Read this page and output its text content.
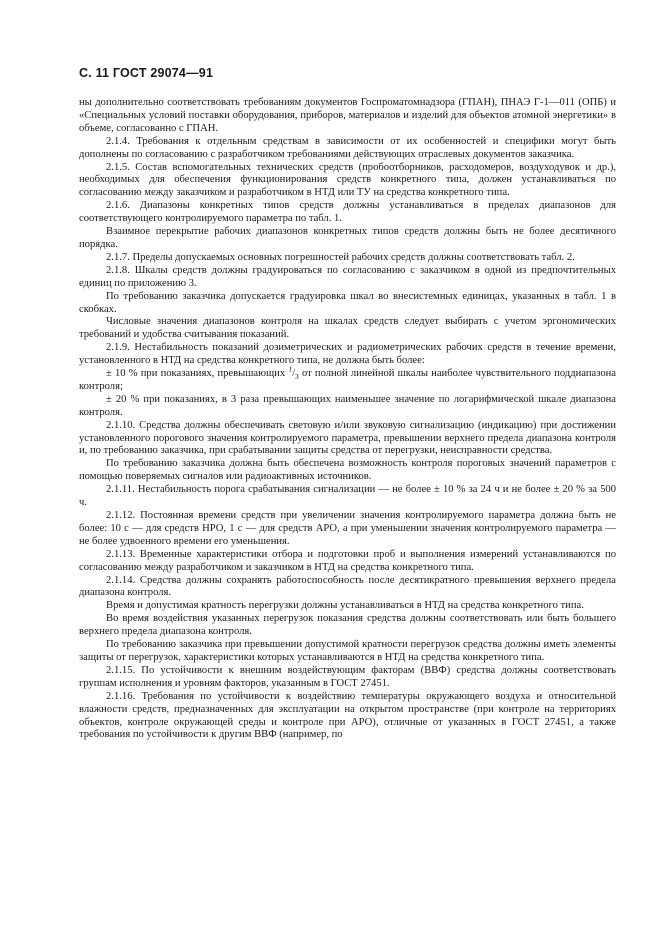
С. 11 ГОСТ 29074—91

ны дополнительно соответствовать требованиям документов Госпроматомнадзора (ГПАН), ПНАЭ Г-1—011 (ОПБ) и «Специальных условий поставки оборудования, приборов, материалов и изделий для объектов атомной энергетики» в объеме, согласованно с ГПАН.

2.1.4. Требования к отдельным средствам в зависимости от их особенностей и специфики могут быть дополнены по согласованию с разработчиком требованиями действующих отраслевых документов заказчика.

2.1.5. Состав вспомогательных технических средств (пробоотборников, расходомеров, воздуходувок и др.), необходимых для обеспечения функционирования средств конкретного типа, должен устанавливаться по согласованию между заказчиком и разработчиком в НТД или ТУ на средства конкретного типа.

2.1.6. Диапазоны конкретных типов средств должны устанавливаться в пределах диапазонов для соответствующего контролируемого параметра по табл. 1.

Взаимное перекрытие рабочих диапазонов конкретных типов средств должны быть не более десятичного порядка.

2.1.7. Пределы допускаемых основных погрешностей рабочих средств должны соответствовать табл. 2.

2.1.8. Шкалы средств должны градуироваться по согласованию с заказчиком в одной из предпочтительных единиц по приложению 3.

По требованию заказчика допускается градуировка шкал во внесистемных единицах, указанных в табл. 1 в скобках.

Числовые значения диапазонов контроля на шкалах средств следует выбирать с учетом эргономических требований и удобства считывания показаний.

2.1.9. Нестабильность показаний дозиметрических и радиометрических рабочих средств в течение времени, установленного в НТД на средства конкретного типа, не должна быть более:

± 10 % при показаниях, превышающих $^1/_3$ от полной линейной шкалы наиболее чувствительного поддиапазона контроля;

± 20 % при показаниях, в 3 раза превышающих наименьшее значение по логарифмической шкале диапазона контроля.

2.1.10. Средства должны обеспечивать световую и/или звуковую сигнализацию (индикацию) при достижении установленного порогового значения контролируемого параметра, превышении верхнего предела диапазона контроля и, по требованию заказчика, при срабатывании защиты средства от перегрузки, неисправности средства.

По требованию заказчика должна быть обеспечена возможность контроля пороговых значений параметров с помощью поверяемых сигналов или радиоактивных источников.

2.1.11. Нестабильность порога срабатывания сигнализации — не более ± 10 % за 24 ч и не более ± 20 % за 500 ч.

2.1.12. Постоянная времени средств при увеличении значения контролируемого параметра должна быть не более: 10 с — для средств НРО, 1 с — для средств АРО, а при уменьшении значения контролируемого параметра — не более удвоенного времени его уменьшения.

2.1.13. Временные характеристики отбора и подготовки проб и выполнения измерений устанавливаются по согласованию между разработчиком и заказчиком в НТД на средства конкретного типа.

2.1.14. Средства должны сохранять работоспособность после десятикратного превышения верхнего предела диапазона контроля.

Время и допустимая кратность перегрузки должны устанавливаться в НТД на средства конкретного типа.

Во время воздействия указанных перегрузок показания средства должны соответствовать или быть большего верхнего предела диапазона контроля.

По требованию заказчика при превышении допустимой кратности перегрузок средства должны иметь элементы защиты от перегрузок, характеристики которых устанавливаются в НТД на средства конкретного типа.

2.1.15. По устойчивости к внешним воздействующим факторам (ВВФ) средства должны соответствовать группам исполнения и уровням факторов, указанным в ГОСТ 27451.

2.1.16. Требования по устойчивости к воздействию температуры окружающего воздуха и относительной влажности средств, предназначенных для эксплуатации на открытом пространстве (при контроле на территориях объектов, контроле окружающей среды и контроле при АРО), отличные от указанных в ГОСТ 27451, а также требования по устойчивости к другим ВВФ (например, по
